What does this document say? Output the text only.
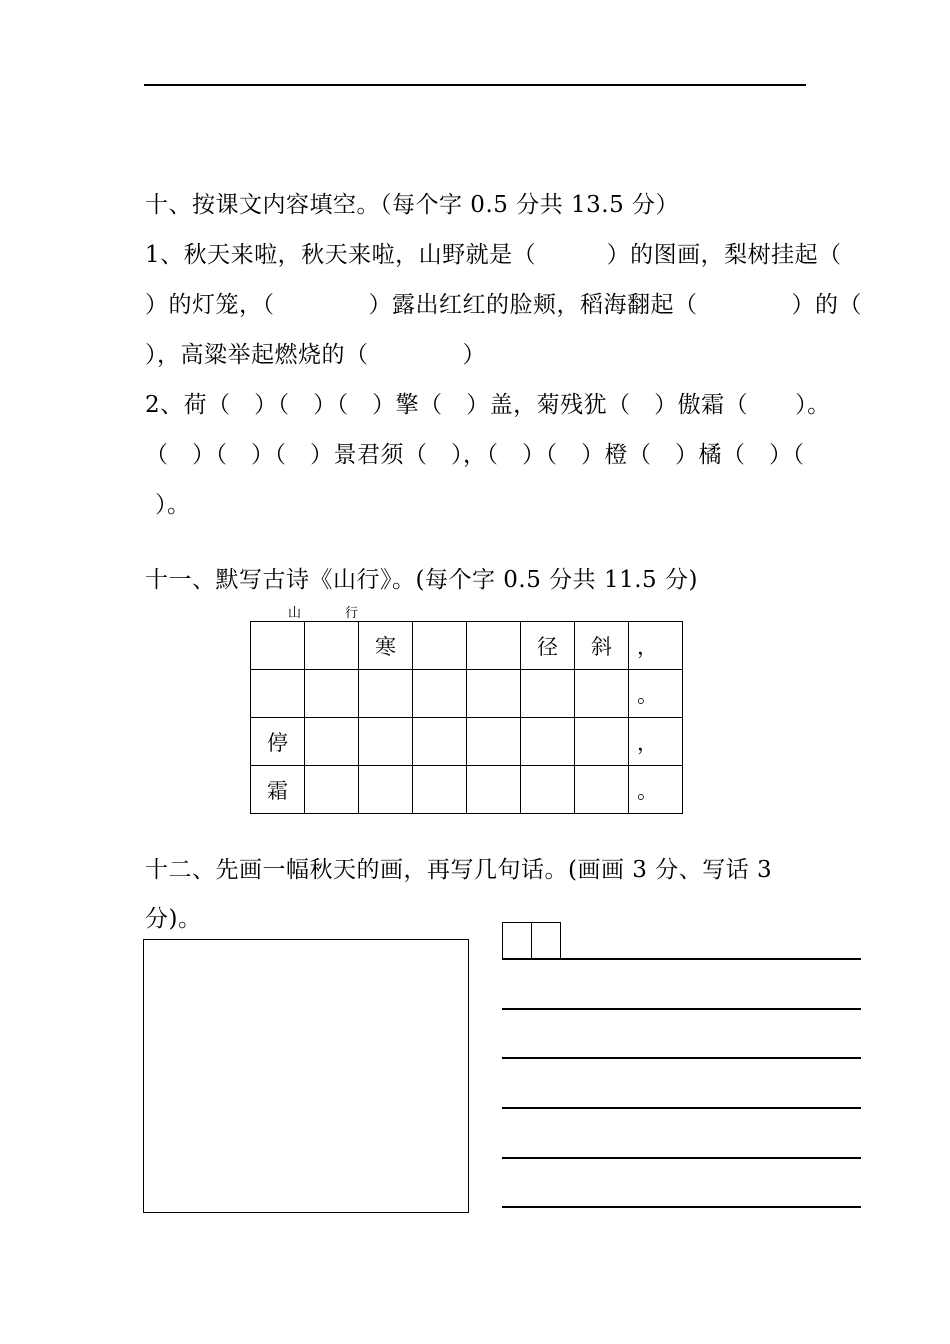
十、按课文内容填空。（每个字 0.5 分共 13.5 分）
1、秋天来啦，秋天来啦，山野就是（　　　）的图画，梨树挂起（
）的灯笼，（　　　　）露出红红的脸颊，稻海翻起（　　　　）的（
），高粱举起燃烧的（　　　　）
2、荷（　）（　）（　）擎（　）盖，菊残犹（　）傲霜（　　）。
（　）（　）（　）景君须（　），（　）（　）橙（　）橘（　）（
）。
十一、默写古诗《山行》。(每个字 0.5 分共 11.5 分)
山	行
		寒			径	斜	，
							。
停							，
霜							。
十二、先画一幅秋天的画，再写几句话。(画画 3 分、写话 3
分)。
